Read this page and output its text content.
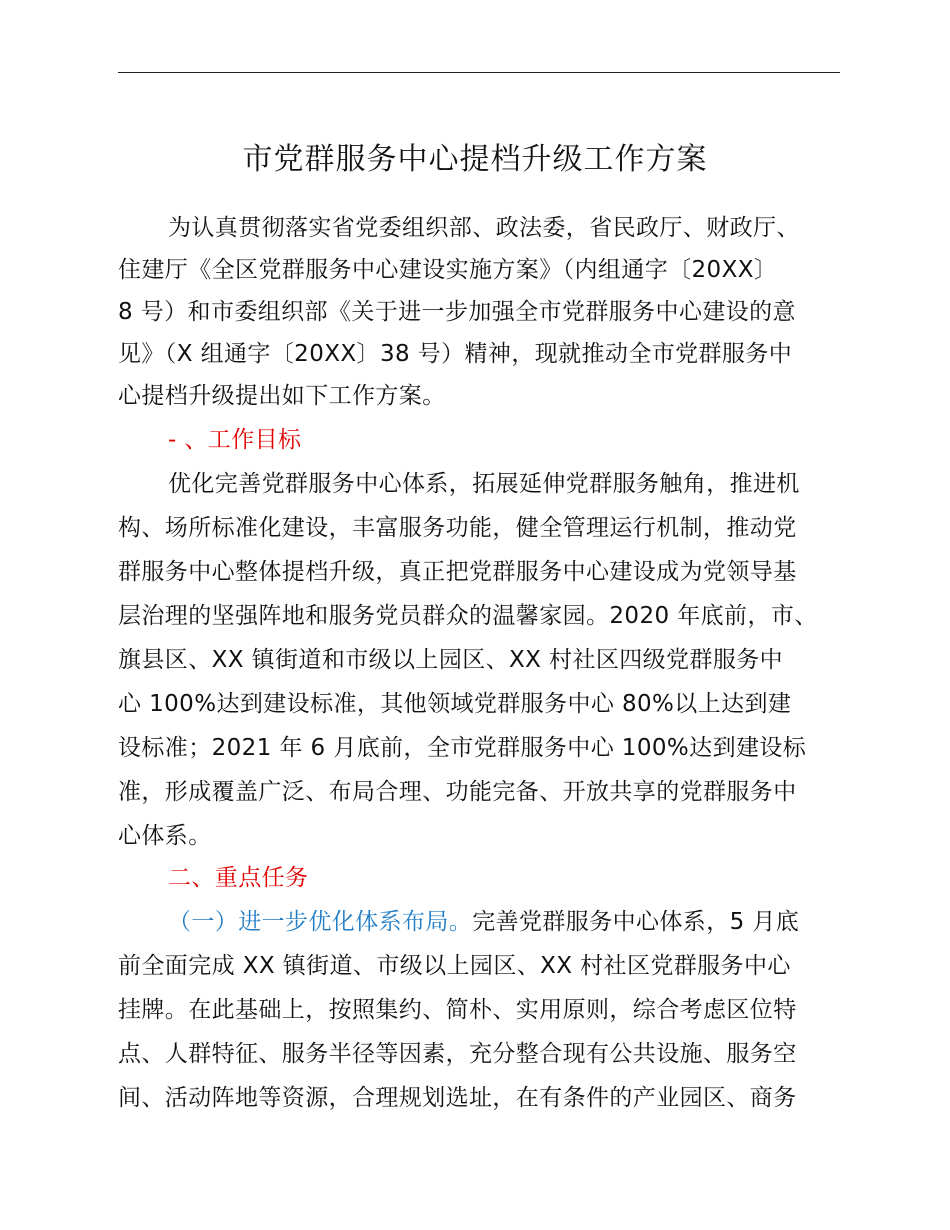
市党群服务中心提档升级工作方案

为认真贯彻落实省党委组织部、政法委，省民政厅、财政厅、

住建厅《全区党群服务中心建设实施方案》（内组通字〔20XX〕

8 号）和市委组织部《关于进一步加强全市党群服务中心建设的意

见》（X 组通字〔20XX〕38 号）精神，现就推动全市党群服务中

心提档升级提出如下工作方案。

- 、工作目标

优化完善党群服务中心体系，拓展延伸党群服务触角，推进机

构、场所标准化建设，丰富服务功能，健全管理运行机制，推动党

群服务中心整体提档升级，真正把党群服务中心建设成为党领导基

层治理的坚强阵地和服务党员群众的温馨家园。2020 年底前，市、

旗县区、XX 镇街道和市级以上园区、XX 村社区四级党群服务中

心 100%达到建设标准，其他领域党群服务中心 80%以上达到建

设标准；2021 年 6 月底前，全市党群服务中心 100%达到建设标

准，形成覆盖广泛、布局合理、功能完备、开放共享的党群服务中

心体系。

二、重点任务

（一）进一步优化体系布局。完善党群服务中心体系，5 月底

前全面完成 XX 镇街道、市级以上园区、XX 村社区党群服务中心

挂牌。在此基础上，按照集约、简朴、实用原则，综合考虑区位特

点、人群特征、服务半径等因素，充分整合现有公共设施、服务空

间、活动阵地等资源，合理规划选址，在有条件的产业园区、商务
